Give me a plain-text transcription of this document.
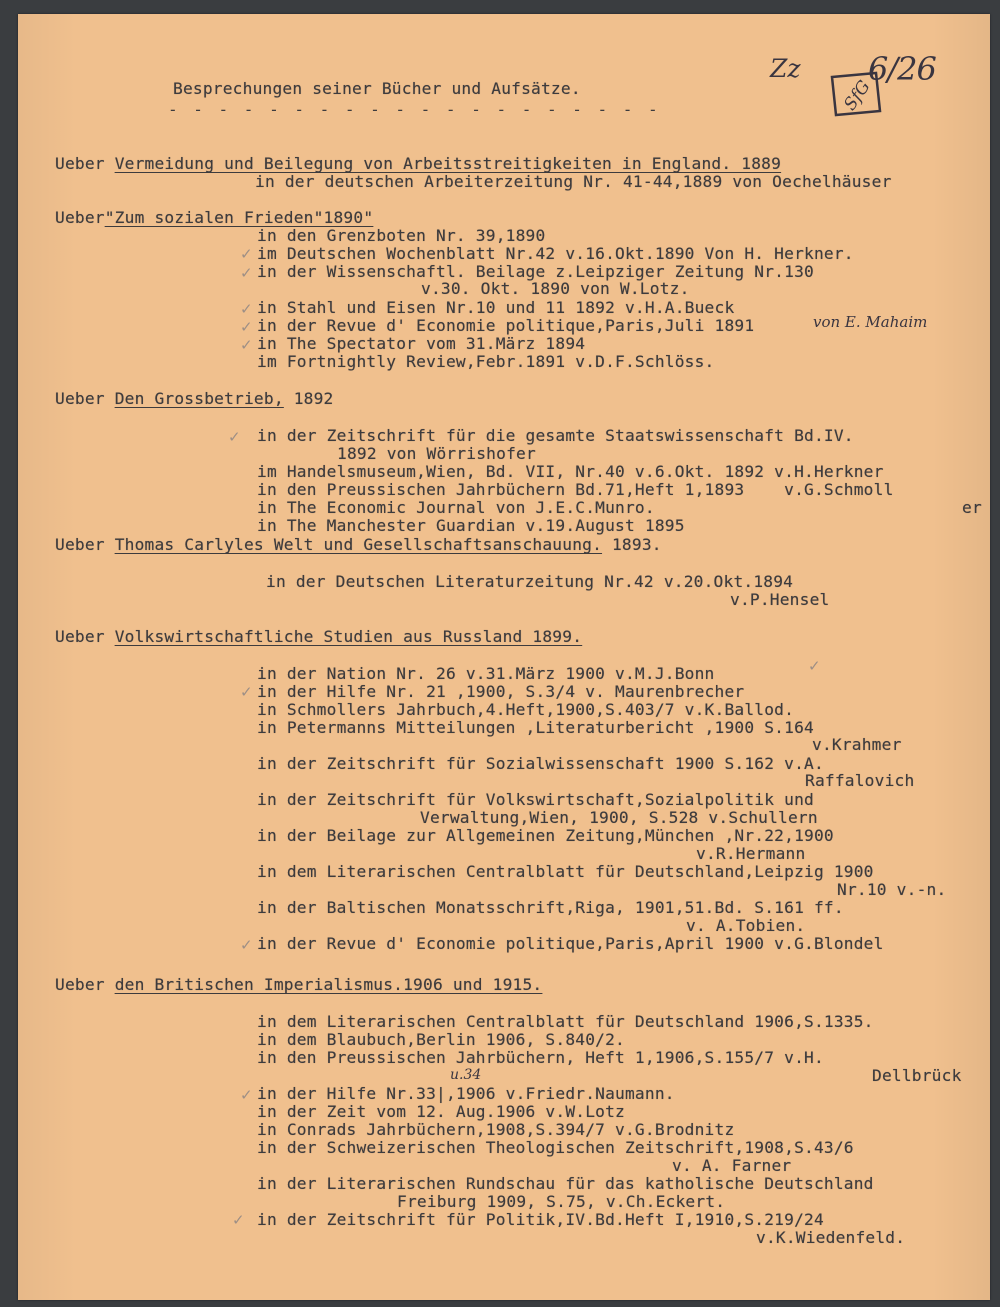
Besprechungen seiner Bücher und Aufsätze.
- - - - - - - - - - - - - - - - - - - -
Zz
SfG
6/26
Ueber Vermeidung und Beilegung von Arbeitsstreitigkeiten in England. 1889
in der deutschen Arbeiterzeitung Nr. 41-44,1889 von Oechelhäuser
Ueber"Zum sozialen Frieden"1890"
in den Grenzboten Nr. 39,1890
im Deutschen Wochenblatt Nr.42 v.16.Okt.1890 Von H. Herkner.
in der Wissenschaftl. Beilage z.Leipziger Zeitung Nr.130
v.30. Okt. 1890 von W.Lotz.
in Stahl und Eisen Nr.10 und 11 1892 v.H.A.Bueck
in der Revue d' Economie politique,Paris,Juli 1891	von E. Mahaim
in The Spectator vom 31.März 1894
im Fortnightly Review,Febr.1891 v.D.F.Schlöss.
Ueber Den Grossbetrieb, 1892
in der Zeitschrift für die gesamte Staatswissenschaft Bd.IV.
1892 von Wörrishofer
im Handelsmuseum,Wien, Bd. VII, Nr.40 v.6.Okt. 1892 v.H.Herkner
in den Preussischen Jahrbüchern Bd.71,Heft 1,1893    v.G.Schmoll
er
in The Economic Journal von J.E.C.Munro.
in The Manchester Guardian v.19.August 1895
Ueber Thomas Carlyles Welt und Gesellschaftsanschauung. 1893.
in der Deutschen Literaturzeitung Nr.42 v.20.Okt.1894
v.P.Hensel
Ueber Volkswirtschaftliche Studien aus Russland 1899.
in der Nation Nr. 26 v.31.März 1900 v.M.J.Bonn
in der Hilfe Nr. 21 ,1900, S.3/4 v. Maurenbrecher
in Schmollers Jahrbuch,4.Heft,1900,S.403/7 v.K.Ballod.
in Petermanns Mitteilungen ,Literaturbericht ,1900 S.164
v.Krahmer
in der Zeitschrift für Sozialwissenschaft 1900 S.162 v.A.
Raffalovich
in der Zeitschrift für Volkswirtschaft,Sozialpolitik und
Verwaltung,Wien, 1900, S.528 v.Schullern
in der Beilage zur Allgemeinen Zeitung,München ,Nr.22,1900
v.R.Hermann
in dem Literarischen Centralblatt für Deutschland,Leipzig 1900
Nr.10 v.-n.
in der Baltischen Monatsschrift,Riga, 1901,51.Bd. S.161 ff.
v. A.Tobien.
in der Revue d' Economie politique,Paris,April 1900 v.G.Blondel
Ueber den Britischen Imperialismus.1906 und 1915.
in dem Literarischen Centralblatt für Deutschland 1906,S.1335.
in dem Blaubuch,Berlin 1906, S.840/2.
in den Preussischen Jahrbüchern, Heft 1,1906,S.155/7 v.H.
Dellbrück
u.34
in der Hilfe Nr.33|,1906 v.Friedr.Naumann.
in der Zeit vom 12. Aug.1906 v.W.Lotz
in Conrads Jahrbüchern,1908,S.394/7 v.G.Brodnitz
in der Schweizerischen Theologischen Zeitschrift,1908,S.43/6
v. A. Farner
in der Literarischen Rundschau für das katholische Deutschland
Freiburg 1909, S.75, v.Ch.Eckert.
in der Zeitschrift für Politik,IV.Bd.Heft I,1910,S.219/24
v.K.Wiedenfeld.
✓
✓
✓
✓
✓
✓
✓
✓
✓
✓
✓
